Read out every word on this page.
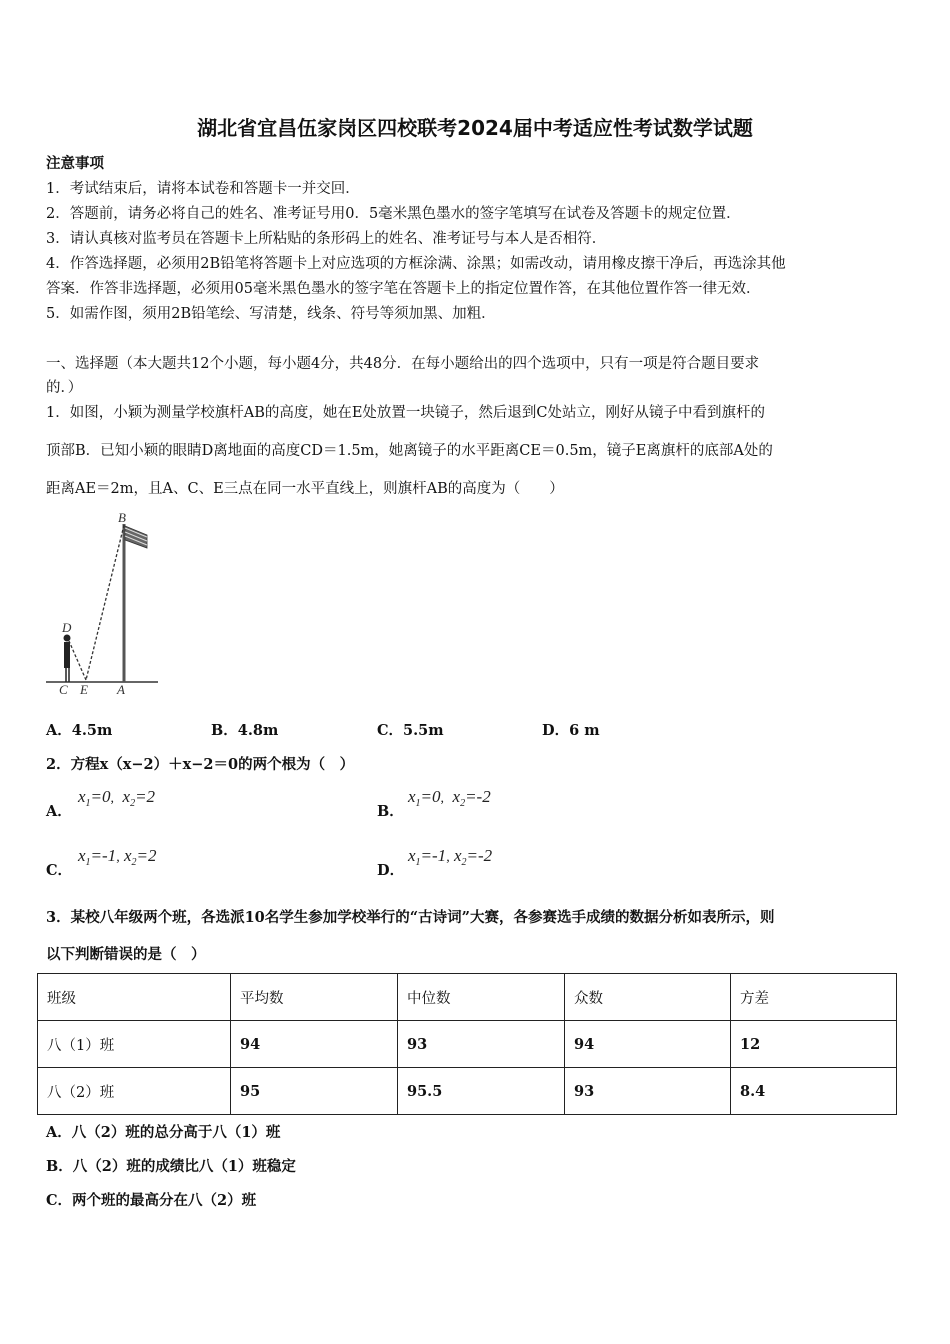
湖北省宜昌伍家岗区四校联考2024届中考适应性考试数学试题
注意事项
1．考试结束后，请将本试卷和答题卡一并交回．
2．答题前，请务必将自己的姓名、准考证号用0．5毫米黑色墨水的签字笔填写在试卷及答题卡的规定位置．
3．请认真核对监考员在答题卡上所粘贴的条形码上的姓名、准考证号与本人是否相符．
4．作答选择题，必须用2B铅笔将答题卡上对应选项的方框涂满、涂黑；如需改动，请用橡皮擦干净后，再选涂其他
答案．作答非选择题，必须用05毫米黑色墨水的签字笔在答题卡上的指定位置作答，在其他位置作答一律无效．
5．如需作图，须用2B铅笔绘、写清楚，线条、符号等须加黑、加粗．
一、选择题（本大题共12个小题，每小题4分，共48分．在每小题给出的四个选项中，只有一项是符合题目要求
的．）
1．如图，小颖为测量学校旗杆AB的高度，她在E处放置一块镜子，然后退到C处站立，刚好从镜子中看到旗杆的
顶部B．已知小颖的眼睛D离地面的高度CD＝1.5m，她离镜子的水平距离CE＝0.5m，镜子E离旗杆的底部A处的
距离AE＝2m，且A、C、E三点在同一水平直线上，则旗杆AB的高度为（　　）
B
D
C E A
A．4.5m	B．4.8m	C．5.5m	D．6 m
2．方程x（x−2）＋x−2＝0的两个根为（　）
A．
$x_1=0$, $x_2=2$
B．
$x_1=0$, $x_2=-2$
C．
$x_1=-1$, $x_2=2$
D．
$x_1=-1$, $x_2=-2$
3．某校八年级两个班，各选派10名学生参加学校举行的“古诗词”大赛，各参赛选手成绩的数据分析如表所示，则
以下判断错误的是（　）
班级	平均数	中位数	众数	方差
八（1）班	94	93	94	12
八（2）班	95	95.5	93	8.4
A．八（2）班的总分高于八（1）班
B．八（2）班的成绩比八（1）班稳定
C．两个班的最高分在八（2）班
